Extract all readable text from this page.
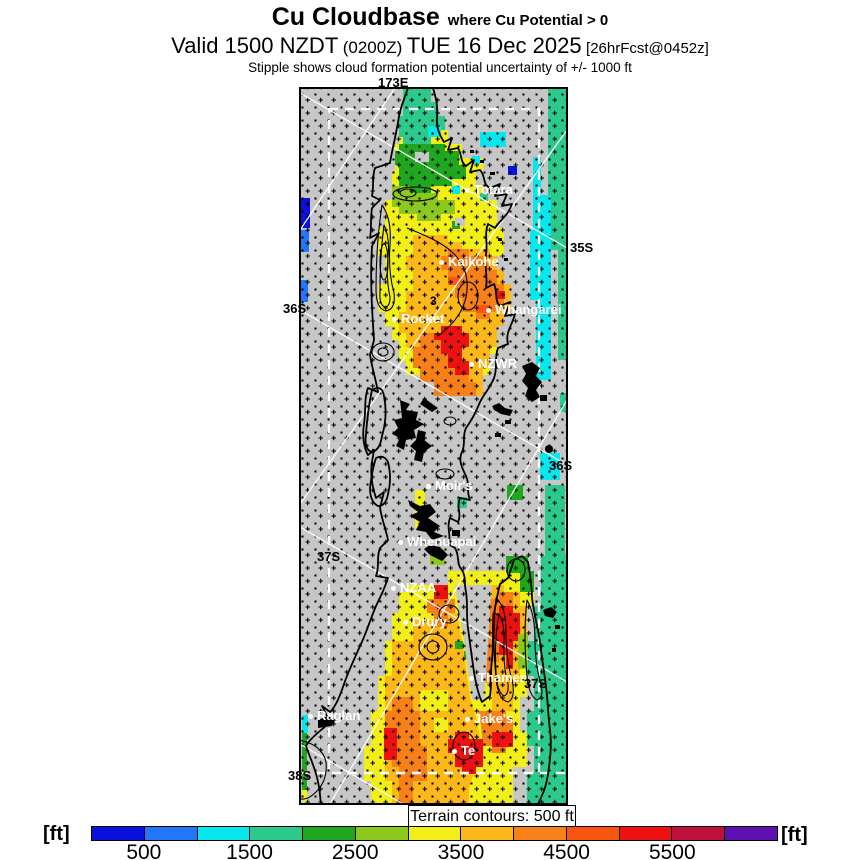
Cu Cloudbase where Cu Potential > 0
Valid 1500 NZDT (0200Z) TUE 16 Dec 2025 [26hrFcst@0452z]
Stipple shows cloud formation potential uncertainty of +/- 1000 ft
Totara
Kaikohe
Rocket
Whangarei
NZWR
Moir's
Whenuapai
NZAA
Drury
Thames
Raglan	Jake's
Te
173E
35S
36S
36S
37S
37S
38S
3
Terrain contours: 500 ft
500	1500	2500	3500	4500	5500
[ft]	[ft]
